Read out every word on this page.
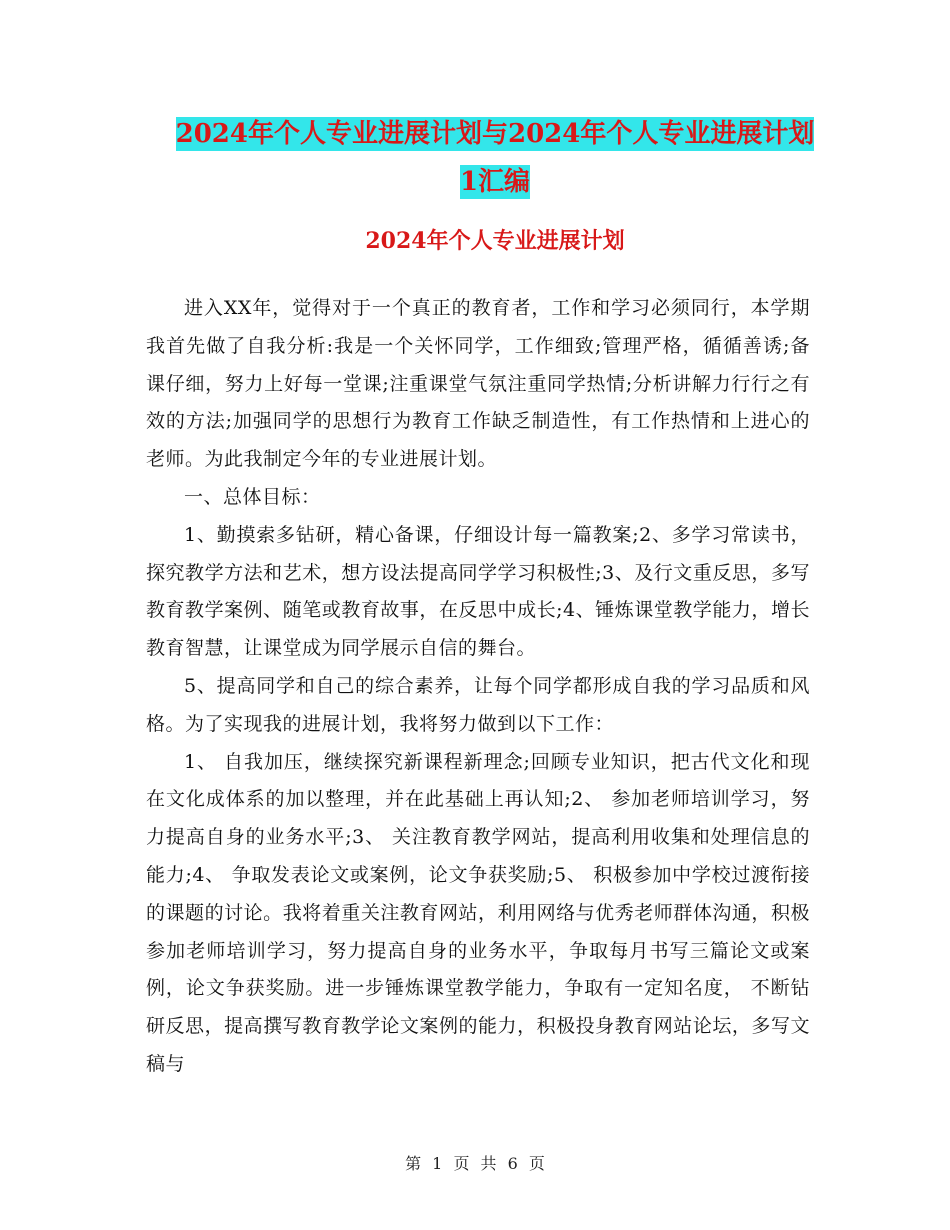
2024年个人专业进展计划与2024年个人专业进展计划
1汇编
2024年个人专业进展计划

进入XX年，觉得对于一个真正的教育者，工作和学习必须同行，本学期我首先做了自我分析:我是一个关怀同学，工作细致;管理严格，循循善诱;备课仔细，努力上好每一堂课;注重课堂气氛注重同学热情;分析讲解力行行之有效的方法;加强同学的思想行为教育工作缺乏制造性，有工作热情和上进心的老师。为此我制定今年的专业进展计划。

一、总体目标：

1、勤摸索多钻研，精心备课，仔细设计每一篇教案;2、多学习常读书，探究教学方法和艺术，想方设法提高同学学习积极性;3、及行文重反思，多写教育教学案例、随笔或教育故事，在反思中成长;4、锤炼课堂教学能力，增长教育智慧，让课堂成为同学展示自信的舞台。

5、提高同学和自己的综合素养，让每个同学都形成自我的学习品质和风格。为了实现我的进展计划，我将努力做到以下工作：

1、 自我加压，继续探究新课程新理念;回顾专业知识，把古代文化和现在文化成体系的加以整理，并在此基础上再认知;2、 参加老师培训学习，努力提高自身的业务水平;3、 关注教育教学网站，提高利用收集和处理信息的能力;4、 争取发表论文或案例，论文争获奖励;5、 积极参加中学校过渡衔接的课题的讨论。我将着重关注教育网站，利用网络与优秀老师群体沟通，积极参加老师培训学习，努力提高自身的业务水平，争取每月书写三篇论文或案例，论文争获奖励。进一步锤炼课堂教学能力，争取有一定知名度， 不断钻研反思，提高撰写教育教学论文案例的能力，积极投身教育网站论坛，多写文稿与

第 1 页 共 6 页
